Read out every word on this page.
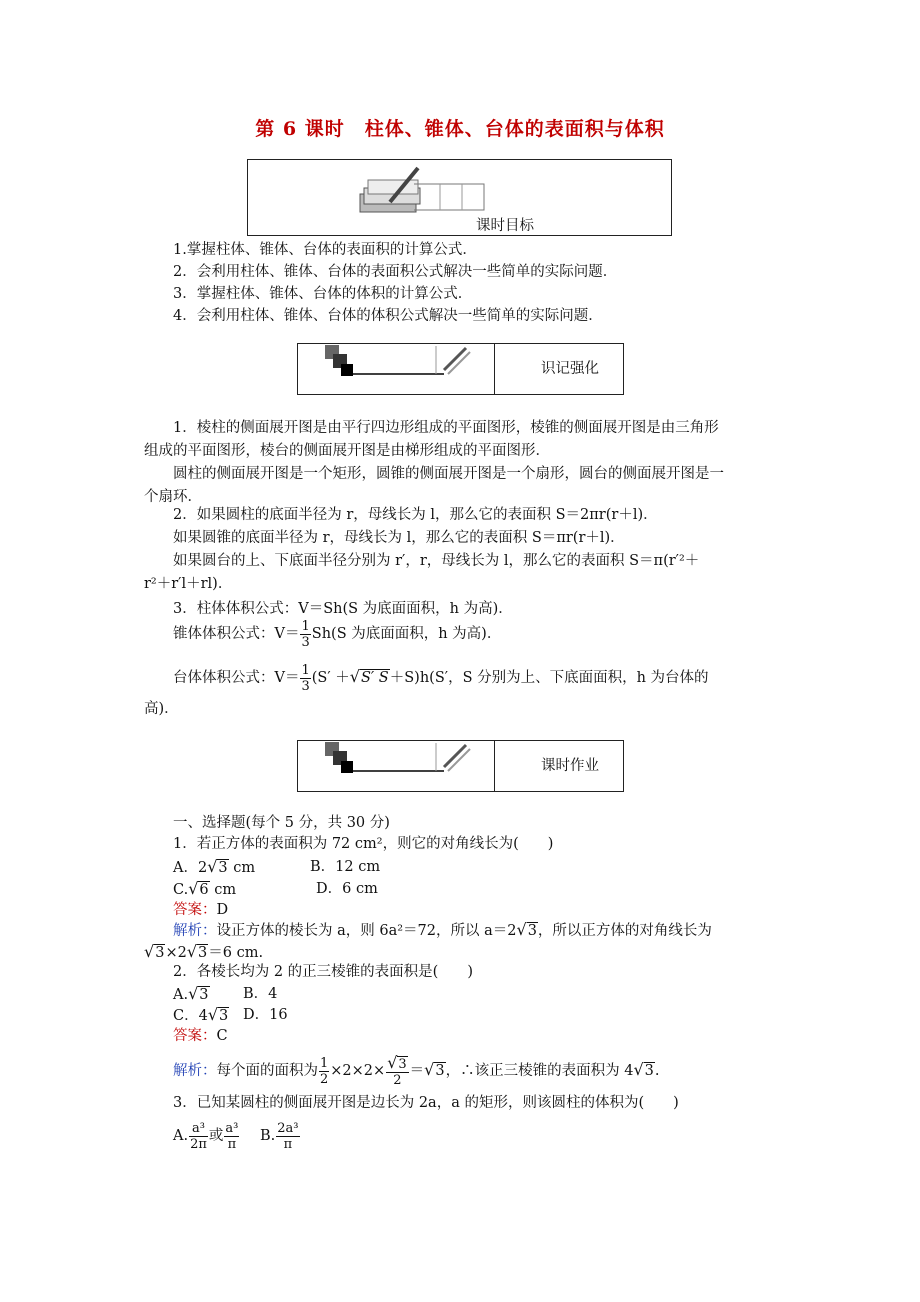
第 6 课时　柱体、锥体、台体的表面积与体积
课时目标
1.掌握柱体、锥体、台体的表面积的计算公式．
2．会利用柱体、锥体、台体的表面积公式解决一些简单的实际问题．
3．掌握柱体、锥体、台体的体积的计算公式．
4．会利用柱体、锥体、台体的体积公式解决一些简单的实际问题．
识记强化
1．棱柱的侧面展开图是由平行四边形组成的平面图形，棱锥的侧面展开图是由三角形
组成的平面图形，棱台的侧面展开图是由梯形组成的平面图形．
圆柱的侧面展开图是一个矩形，圆锥的侧面展开图是一个扇形，圆台的侧面展开图是一
个扇环．
2．如果圆柱的底面半径为 r，母线长为 l，那么它的表面积 S＝2πr(r＋l)．
如果圆锥的底面半径为 r，母线长为 l，那么它的表面积 S＝πr(r＋l)．
如果圆台的上、下底面半径分别为 r′，r，母线长为 l，那么它的表面积 S＝π(r′²＋
r²＋r′l＋rl)．
3．柱体体积公式：V＝Sh(S 为底面面积，h 为高)．
锥体体积公式：$V= \frac{1}{3} Sh(S$ 为底面面积，h 为高)．
台体体积公式：$V= \frac{1}{3} (S' +√S'$ S＋S)h(S′，S 分别为上、下底面面积，h 为台体的
高)．
课时作业
一、选择题(每个 5 分，共 30 分)
1．若正方体的表面积为 72 cm²，则它的对角线长为(　　)
A．2√3 cm	B．12 cm
C.√6 cm	D．6 cm
答案：D
解析：设正方体的棱长为 a，则 6a²＝72，所以 a＝2√3，所以正方体的对角线长为
√3×2√3＝6 cm.
2．各棱长均为 2 的正三棱锥的表面积是(　　)
A.√3 B．4
C．4√3 D．16
答案：C
解析：每个面的面积为 $\frac{1}{2} \times 2\times 2\times \frac{√3}{2} =√3$，∴该正三棱锥的表面积为 4√3.
3．已知某圆柱的侧面展开图是边长为 2a，a 的矩形，则该圆柱的体积为(　　)
A. $\frac{\text{a³}}{2\pi}$ 或 $\frac{\text{a³}}{\pi} B$. $\frac{\text{2a³}}{\pi}$
